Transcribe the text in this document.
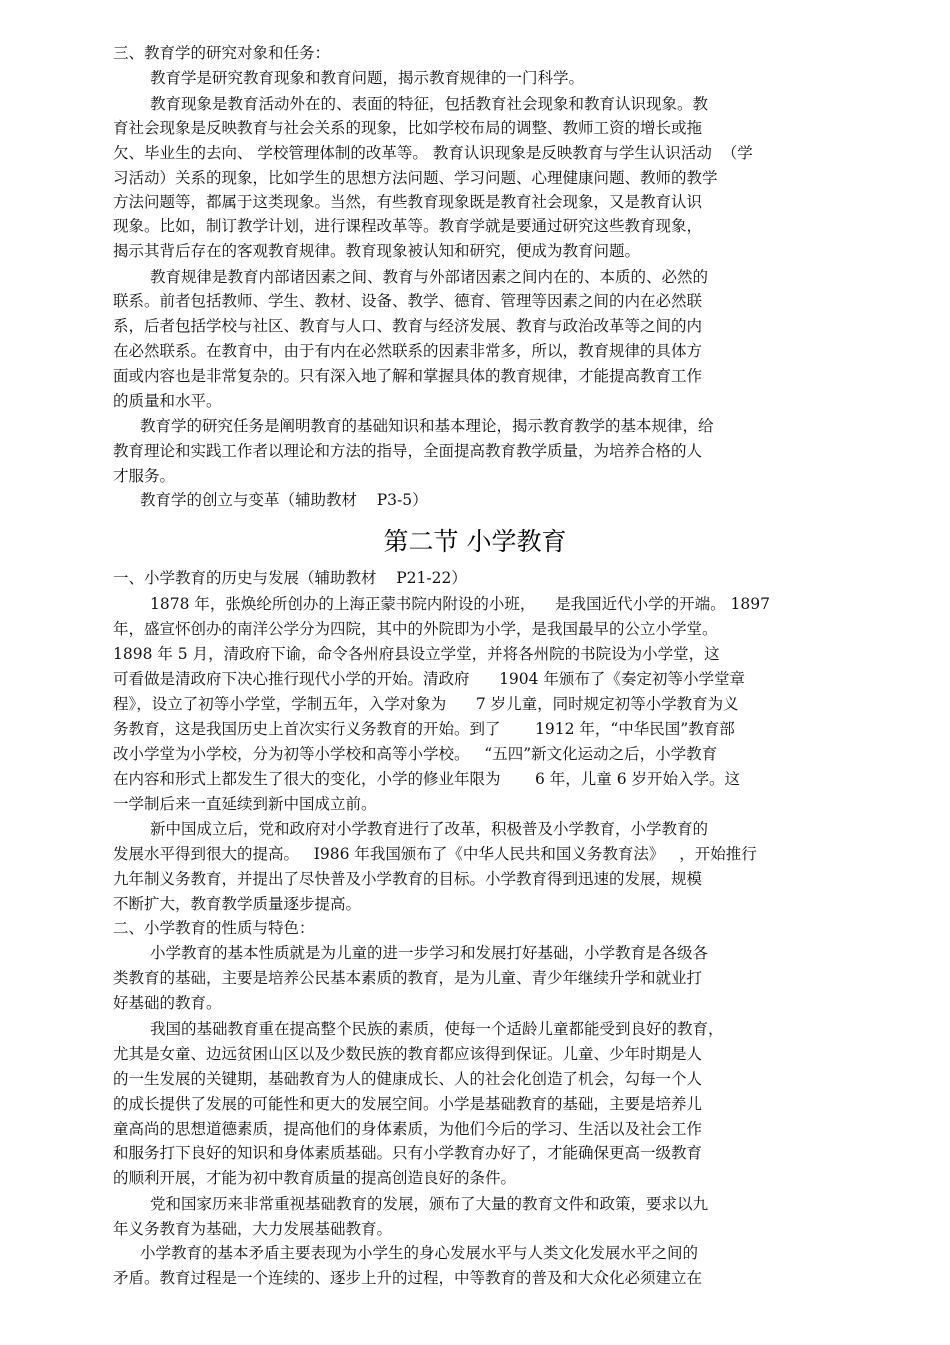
三、教育学的研究对象和任务：
教育学是研究教育现象和教育问题，揭示教育规律的一门科学。
教育现象是教育活动外在的、表面的特征，包括教育社会现象和教育认识现象。教
育社会现象是反映教育与社会关系的现象，比如学校布局的调整、教师工资的增长或拖
欠、毕业生的去向、 学校管理体制的改革等。 教育认识现象是反映教育与学生认识活动  （学
习活动）关系的现象，比如学生的思想方法问题、学习问题、心理健康问题、教师的教学
方法问题等，都属于这类现象。当然，有些教育现象既是教育社会现象，又是教育认识
现象。比如，制订教学计划，进行课程改革等。教育学就是要通过研究这些教育现象，
揭示其背后存在的客观教育规律。教育现象被认知和研究，便成为教育问题。
教育规律是教育内部诸因素之间、教育与外部诸因素之间内在的、本质的、必然的
联系。前者包括教师、学生、教材、设备、教学、德育、管理等因素之间的内在必然联
系，后者包括学校与社区、教育与人口、教育与经济发展、教育与政治改革等之间的内
在必然联系。在教育中，由于有内在必然联系的因素非常多，所以，教育规律的具体方
面或内容也是非常复杂的。只有深入地了解和掌握具体的教育规律，才能提高教育工作
的质量和水平。
教育学的研究任务是阐明教育的基础知识和基本理论，揭示教育教学的基本规律，给
教育理论和实践工作者以理论和方法的指导，全面提高教育教学质量，为培养合格的人
才服务。
教育学的创立与变革（辅助教材    P3-5）
第二节 小学教育
一、小学教育的历史与发展（辅助教材    P21-22）
1878 年，张焕纶所创办的上海正蒙书院内附设的小班，    是我国近代小学的开端。 1897
年，盛宣怀创办的南洋公学分为四院，其中的外院即为小学，是我国最早的公立小学堂。
1898 年 5 月，清政府下谕，命令各州府县设立学堂，并将各州院的书院设为小学堂，这
可看做是清政府下决心推行现代小学的开始。清政府      1904 年颁布了《奏定初等小学堂章
程》，设立了初等小学堂，学制五年，入学对象为      7 岁儿童，同时规定初等小学教育为义
务教育，这是我国历史上首次实行义务教育的开始。到了       1912 年，“中华民国”教育部
改小学堂为小学校，分为初等小学校和高等小学校。   “五四”新文化运动之后，小学教育
在内容和形式上都发生了很大的变化，小学的修业年限为       6 年，儿童 6 岁开始入学。这
一学制后来一直延续到新中国成立前。
新中国成立后，党和政府对小学教育进行了改革，积极普及小学教育，小学教育的
发展水平得到很大的提高。   I986 年我国颁布了《中华人民共和国义务教育法》   ，开始推行
九年制义务教育，并提出了尽快普及小学教育的目标。小学教育得到迅速的发展，规模
不断扩大，教育教学质量逐步提高。
二、小学教育的性质与特色：
小学教育的基本性质就是为儿童的进一步学习和发展打好基础，小学教育是各级各
类教育的基础，主要是培养公民基本素质的教育，是为儿童、青少年继续升学和就业打
好基础的教育。
我国的基础教育重在提高整个民族的素质，使每一个适龄儿童都能受到良好的教育，
尤其是女童、边远贫困山区以及少数民族的教育都应该得到保证。儿童、少年时期是人
的一生发展的关键期，基础教育为人的健康成长、人的社会化创造了机会，勾每一个人
的成长提供了发展的可能性和更大的发展空间。小学是基础教育的基础，主要是培养儿
童高尚的思想道德素质，提高他们的身体素质，为他们今后的学习、生活以及社会工作
和服务打下良好的知识和身体素质基础。只有小学教育办好了，才能确保更高一级教育
的顺利开展，才能为初中教育质量的提高创造良好的条件。
党和国家历来非常重视基础教育的发展，颁布了大量的教育文件和政策，要求以九
年义务教育为基础，大力发展基础教育。
小学教育的基本矛盾主要表现为小学生的身心发展水平与人类文化发展水平之间的
矛盾。教育过程是一个连续的、逐步上升的过程，中等教育的普及和大众化必须建立在
